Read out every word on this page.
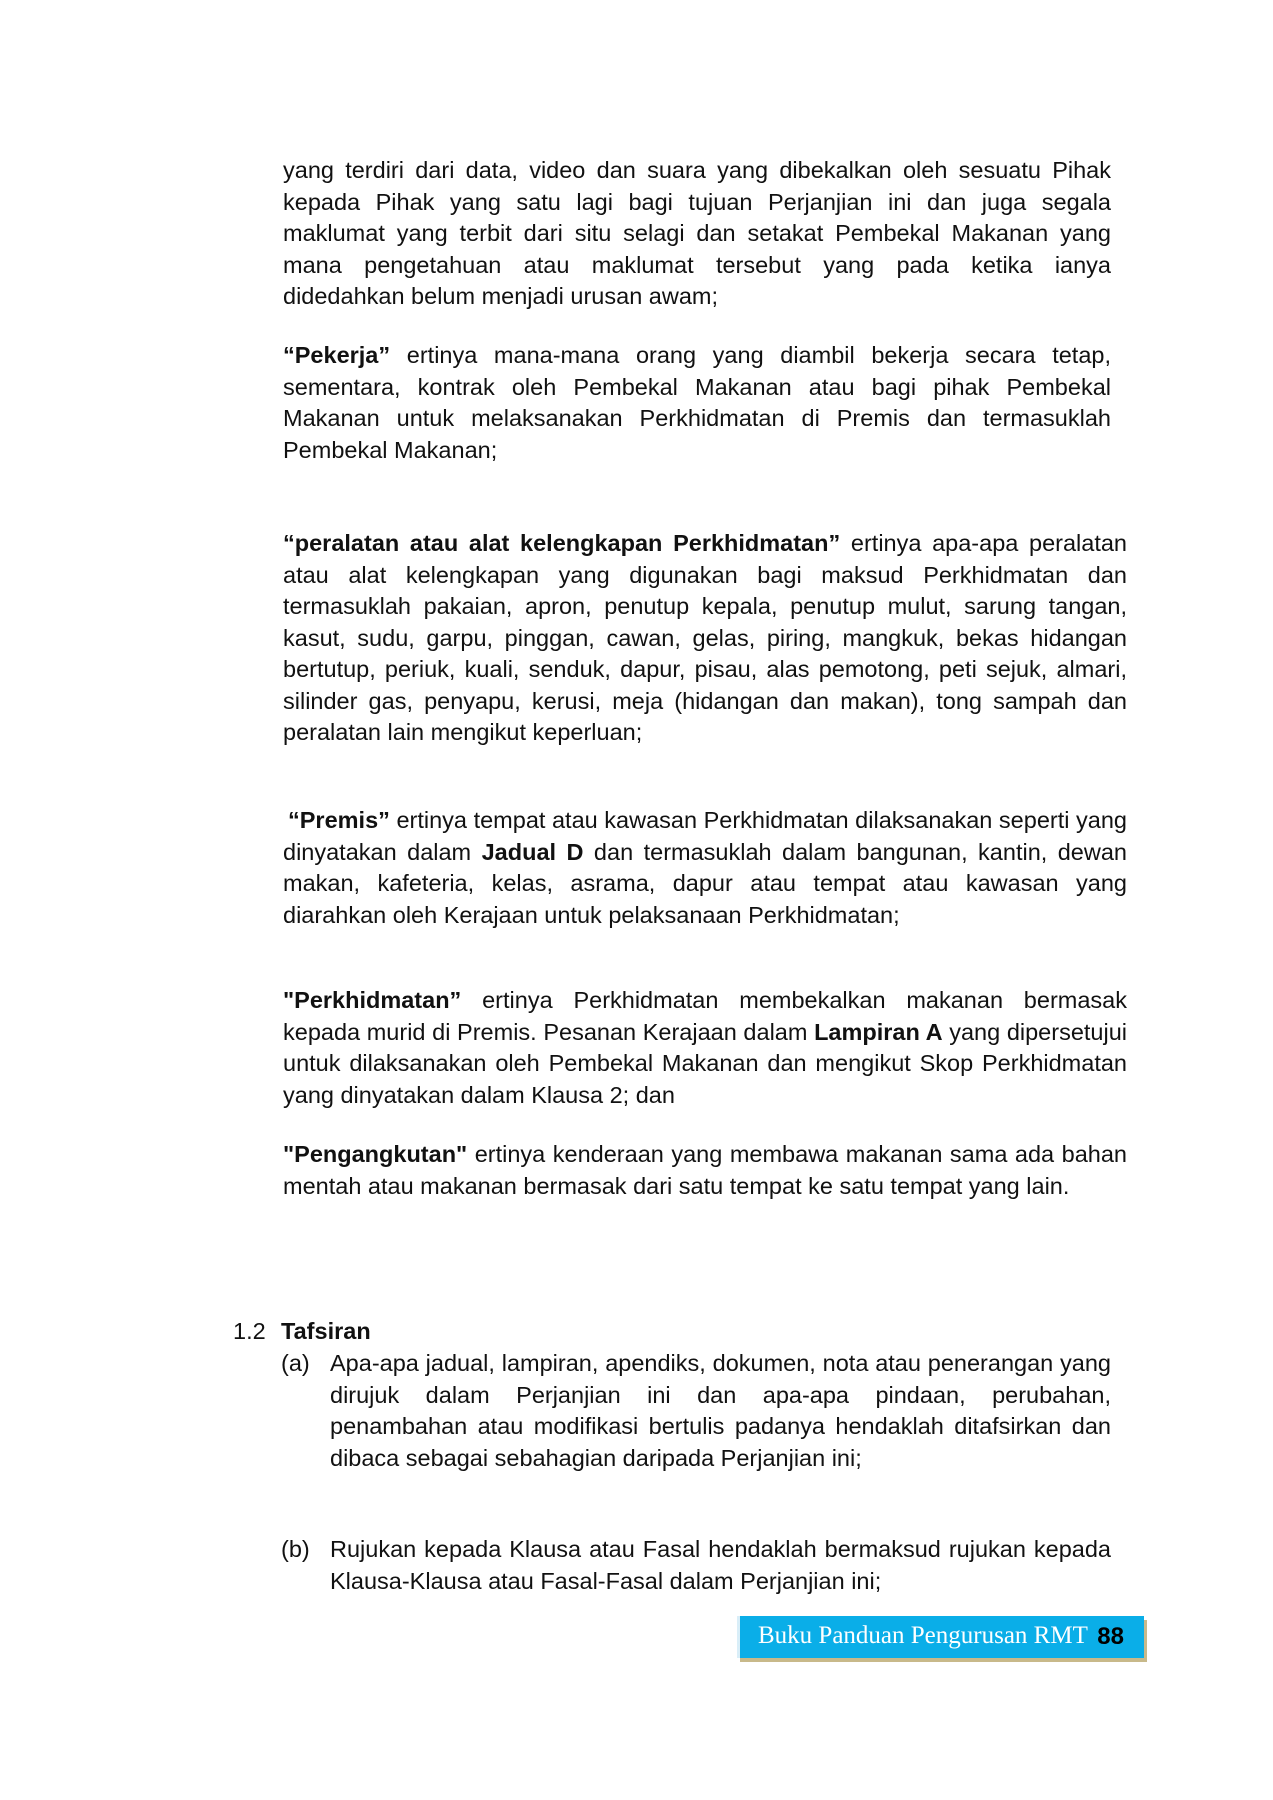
yang terdiri dari data, video dan suara yang dibekalkan oleh sesuatu Pihak kepada Pihak yang satu lagi bagi tujuan Perjanjian ini dan juga segala maklumat yang terbit dari situ selagi dan setakat Pembekal Makanan yang mana pengetahuan atau maklumat tersebut yang pada ketika ianya didedahkan belum menjadi urusan awam;

“Pekerja” ertinya mana-mana orang yang diambil bekerja secara tetap, sementara, kontrak oleh Pembekal Makanan atau bagi pihak Pembekal Makanan untuk melaksanakan Perkhidmatan di Premis dan termasuklah Pembekal Makanan;

“peralatan atau alat kelengkapan Perkhidmatan” ertinya apa-apa peralatan atau alat kelengkapan yang digunakan bagi maksud Perkhidmatan dan termasuklah pakaian, apron, penutup kepala, penutup mulut, sarung tangan, kasut, sudu, garpu, pinggan, cawan, gelas, piring, mangkuk, bekas hidangan bertutup, periuk, kuali, senduk, dapur, pisau, alas pemotong, peti sejuk, almari, silinder gas, penyapu, kerusi, meja (hidangan dan makan), tong sampah dan peralatan lain mengikut keperluan;

“Premis” ertinya tempat atau kawasan Perkhidmatan dilaksanakan seperti yang dinyatakan dalam Jadual D dan termasuklah dalam bangunan, kantin, dewan makan, kafeteria, kelas, asrama, dapur atau tempat atau kawasan yang diarahkan oleh Kerajaan untuk pelaksanaan Perkhidmatan;

"Perkhidmatan” ertinya Perkhidmatan membekalkan makanan bermasak kepada murid di Premis. Pesanan Kerajaan dalam Lampiran A yang dipersetujui untuk dilaksanakan oleh Pembekal Makanan dan mengikut Skop Perkhidmatan yang dinyatakan dalam Klausa 2; dan

"Pengangkutan" ertinya kenderaan yang membawa makanan sama ada bahan mentah atau makanan bermasak dari satu tempat ke satu tempat yang lain.

1.2 Tafsiran
(a) Apa-apa jadual, lampiran, apendiks, dokumen, nota atau penerangan yang dirujuk dalam Perjanjian ini dan apa-apa pindaan, perubahan, penambahan atau modifikasi bertulis padanya hendaklah ditafsirkan dan dibaca sebagai sebahagian daripada Perjanjian ini;
(b) Rujukan kepada Klausa atau Fasal hendaklah bermaksud rujukan kepada Klausa-Klausa atau Fasal-Fasal dalam Perjanjian ini;
Buku Panduan Pengurusan RMT 88
